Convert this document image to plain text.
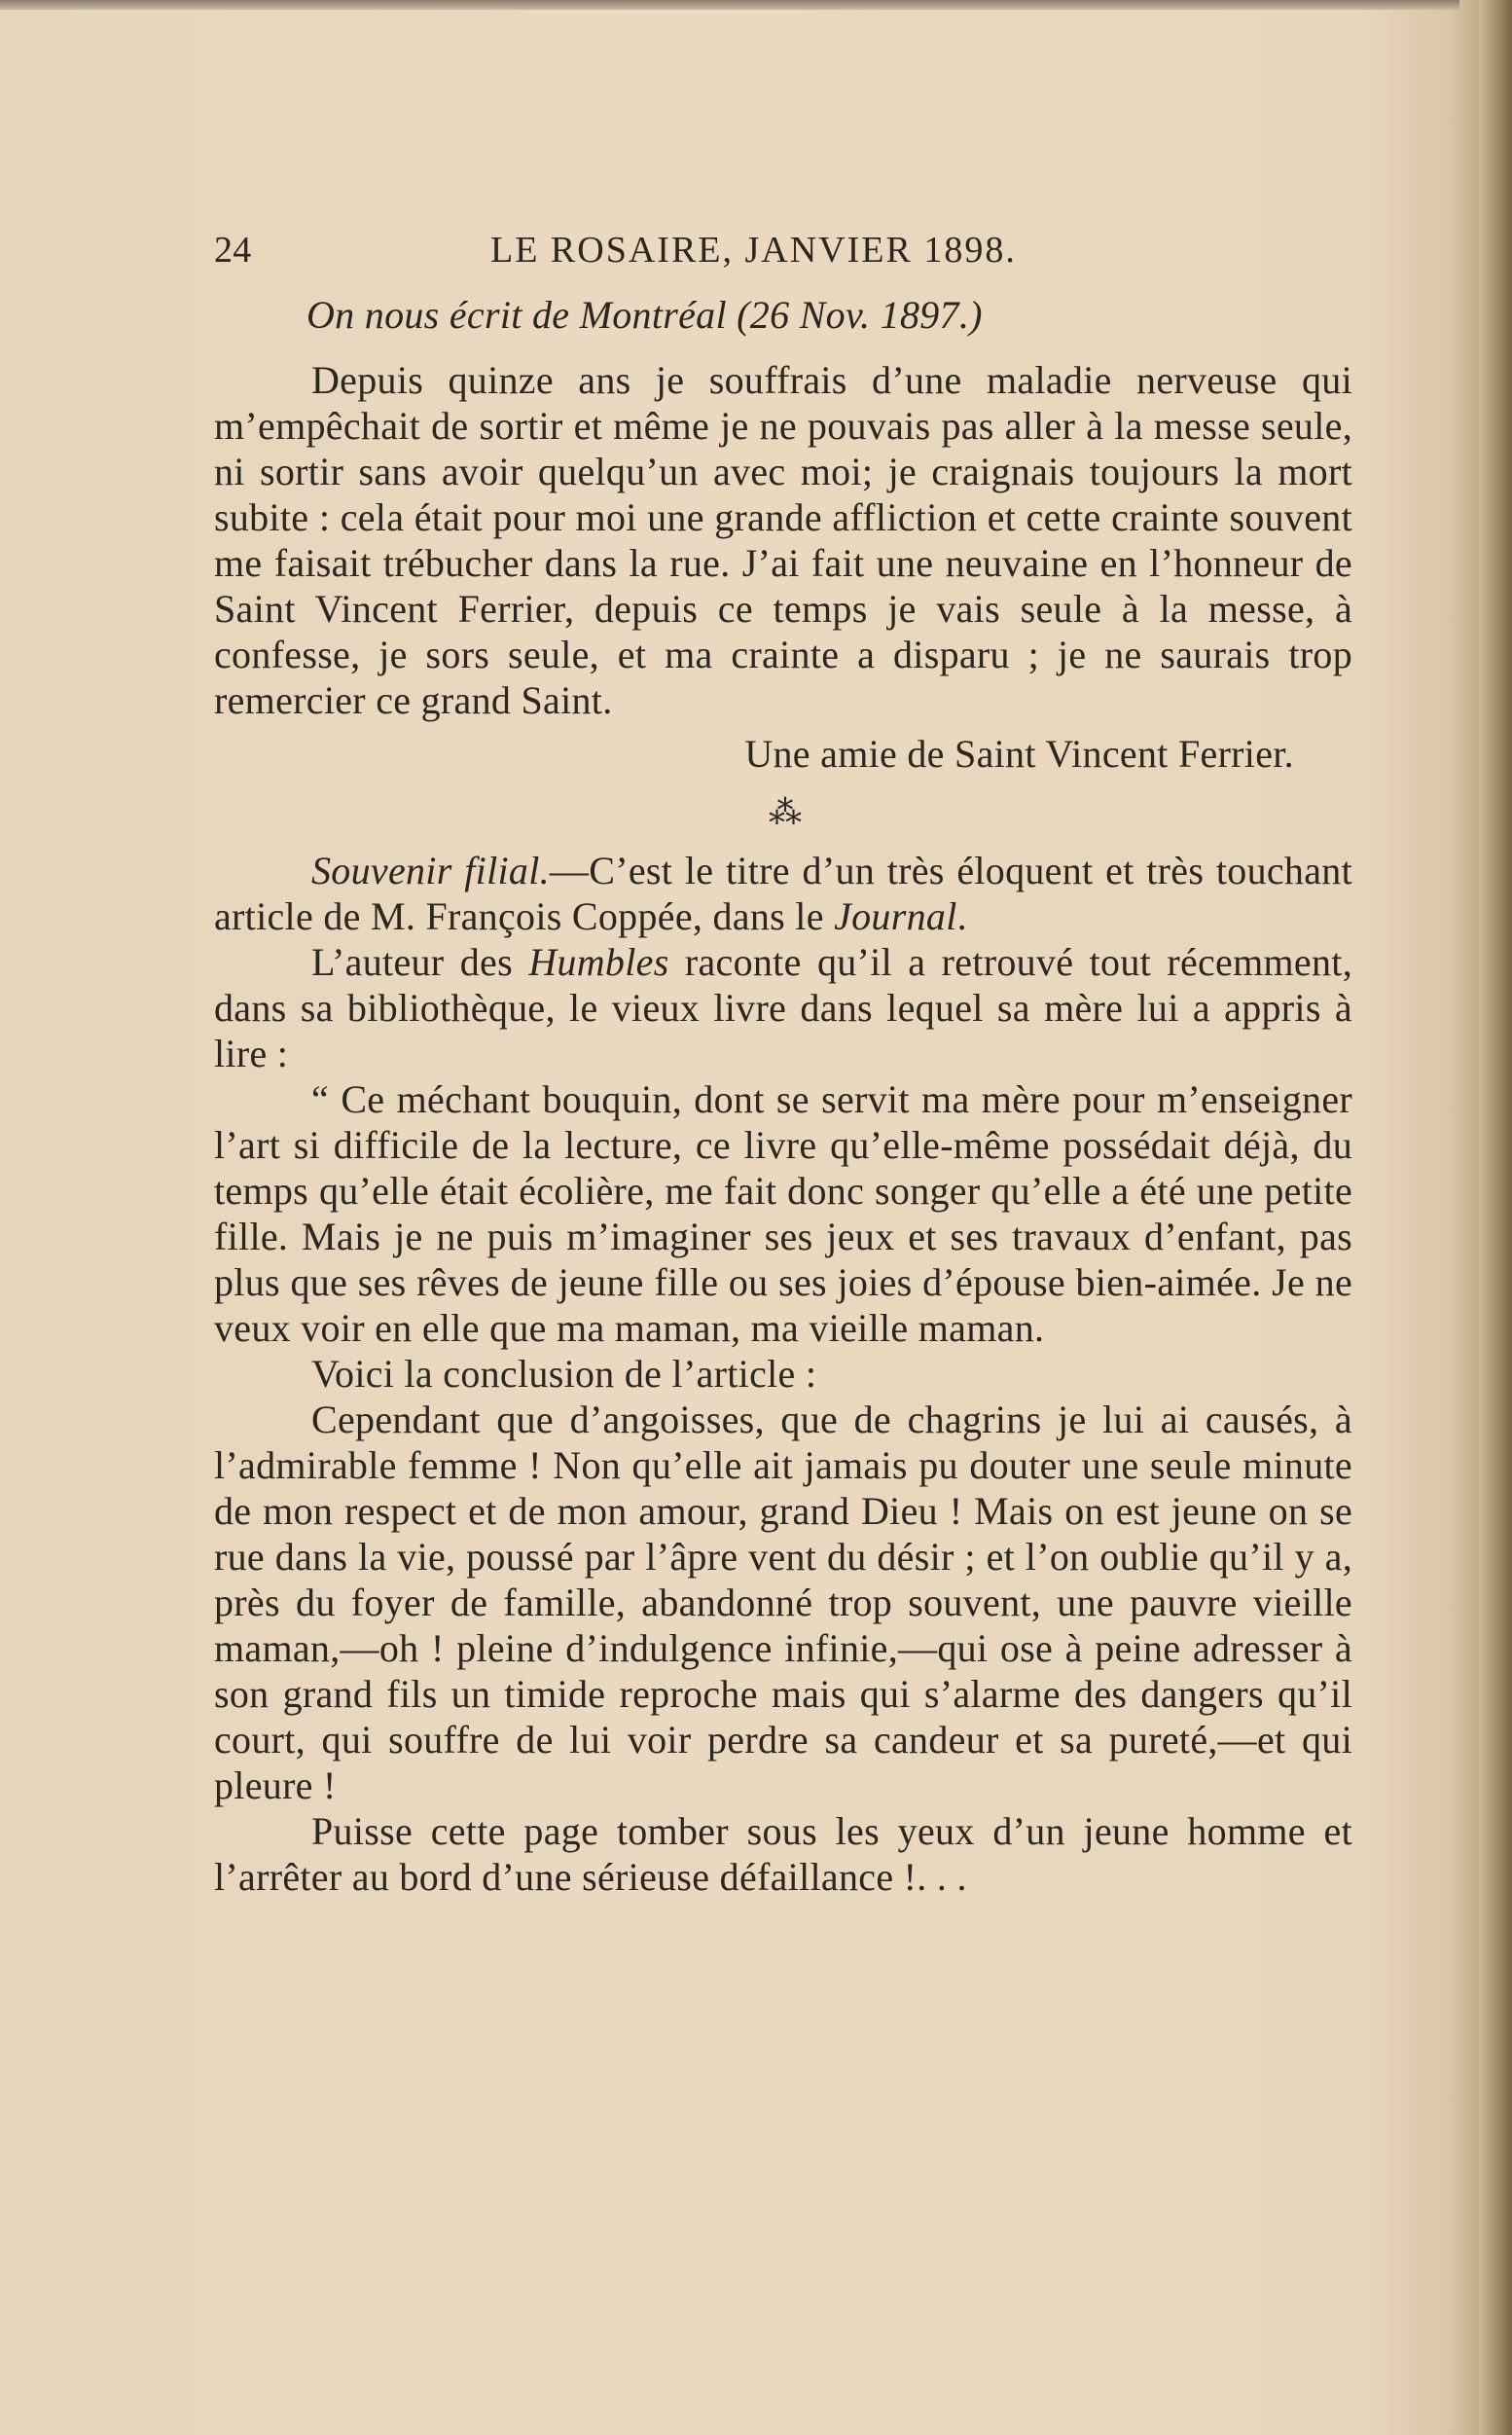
24	LE ROSAIRE, JANVIER 1898.
On nous écrit de Montréal (26 Nov. 1897.)

Depuis quinze ans je souffrais d’une maladie nerveuse qui m’empêchait de sortir et même je ne pouvais pas aller à la messe seule, ni sortir sans avoir quelqu’un avec moi; je craignais toujours la mort subite : cela était pour moi une grande affliction et cette crainte souvent me faisait trébucher dans la rue. J’ai fait une neuvaine en l’honneur de Saint Vincent Ferrier, depuis ce temps je vais seule à la messe, à confesse, je sors seule, et ma crainte a disparu ; je ne saurais trop remercier ce grand Saint.

Une amie de Saint Vincent Ferrier.

⁂

Souvenir filial.—C’est le titre d’un très éloquent et très touchant article de M. François Coppée, dans le Journal.

L’auteur des Humbles raconte qu’il a retrouvé tout récemment, dans sa bibliothèque, le vieux livre dans lequel sa mère lui a appris à lire :

“ Ce méchant bouquin, dont se servit ma mère pour m’enseigner l’art si difficile de la lecture, ce livre qu’elle-même possédait déjà, du temps qu’elle était écolière, me fait donc songer qu’elle a été une petite fille. Mais je ne puis m’imaginer ses jeux et ses travaux d’enfant, pas plus que ses rêves de jeune fille ou ses joies d’épouse bien-aimée. Je ne veux voir en elle que ma maman, ma vieille maman.

Voici la conclusion de l’article :

Cependant que d’angoisses, que de chagrins je lui ai causés, à l’admirable femme ! Non qu’elle ait jamais pu douter une seule minute de mon respect et de mon amour, grand Dieu ! Mais on est jeune on se rue dans la vie, poussé par l’âpre vent du désir ; et l’on oublie qu’il y a, près du foyer de famille, abandonné trop souvent, une pauvre vieille maman,—oh ! pleine d’indulgence infinie,—qui ose à peine adresser à son grand fils un timide reproche mais qui s’alarme des dangers qu’il court, qui souffre de lui voir perdre sa candeur et sa pureté,—et qui pleure !

Puisse cette page tomber sous les yeux d’un jeune homme et l’arrêter au bord d’une sérieuse défaillance !. . .
